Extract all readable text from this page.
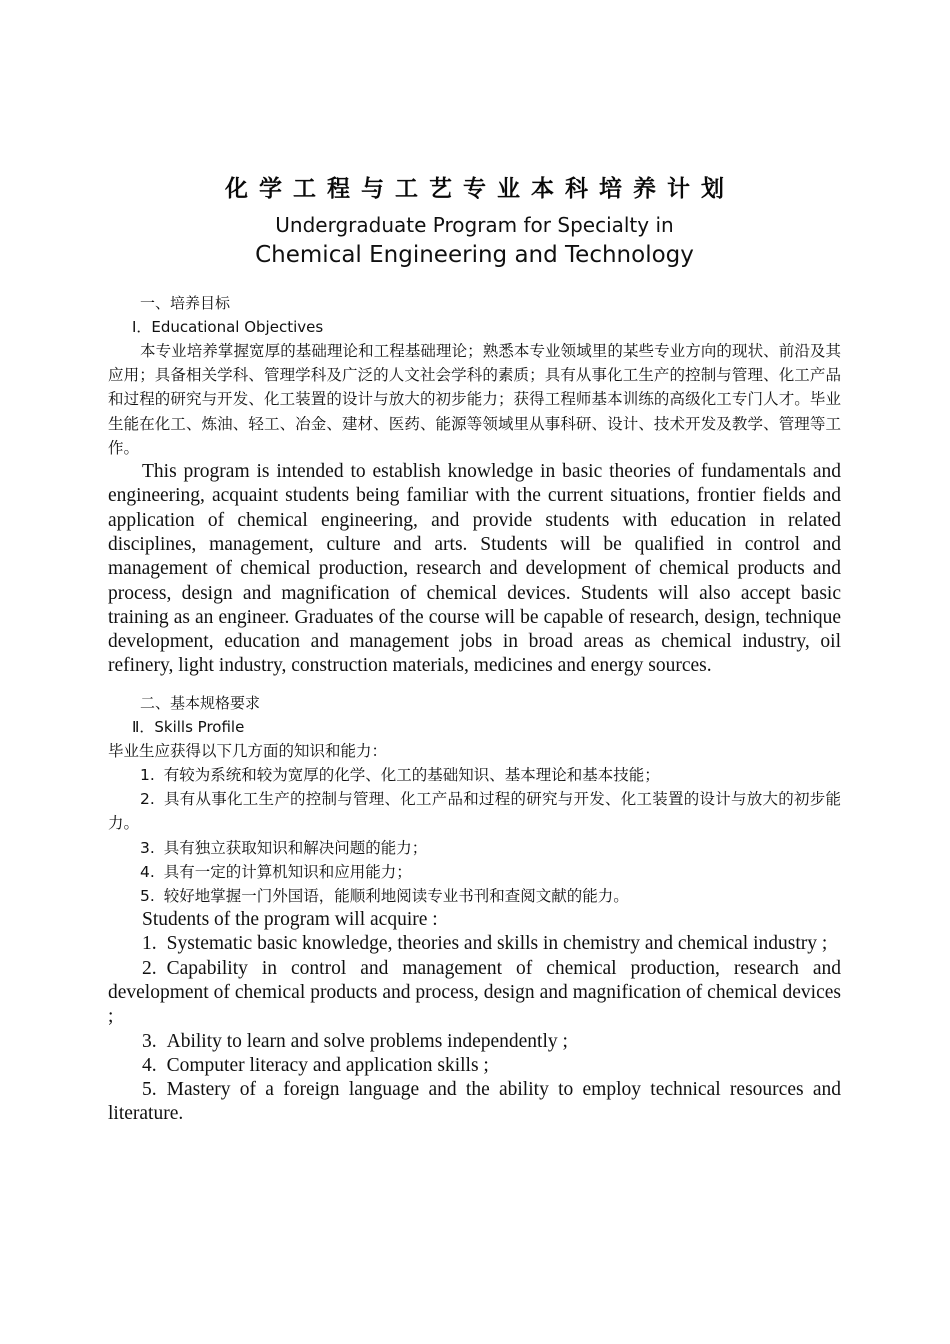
化学工程与工艺专业本科培养计划
Undergraduate Program for Specialty in
Chemical Engineering and Technology
一、培养目标
Ⅰ．Educational Objectives
本专业培养掌握宽厚的基础理论和工程基础理论；熟悉本专业领域里的某些专业方向的现状、前沿及其应用；具备相关学科、管理学科及广泛的人文社会学科的素质；具有从事化工生产的控制与管理、化工产品和过程的研究与开发、化工装置的设计与放大的初步能力；获得工程师基本训练的高级化工专门人才。毕业生能在化工、炼油、轻工、冶金、建材、医药、能源等领域里从事科研、设计、技术开发及教学、管理等工作。

This program is intended to establish knowledge in basic theories of fundamentals and engineering, acquaint students being familiar with the current situations, frontier fields and application of chemical engineering, and provide students with education in related disciplines, management, culture and arts. Students will be qualified in control and management of chemical production, research and development of chemical products and process, design and magnification of chemical devices. Students will also accept basic training as an engineer. Graduates of the course will be capable of research, design, technique development, education and management jobs in broad areas as chemical industry, oil refinery, light industry, construction materials, medicines and energy sources.

二、基本规格要求
Ⅱ．Skills Profile
毕业生应获得以下几方面的知识和能力：
1. 有较为系统和较为宽厚的化学、化工的基础知识、基本理论和基本技能；
2. 具有从事化工生产的控制与管理、化工产品和过程的研究与开发、化工装置的设计与放大的初步能力。
3. 具有独立获取知识和解决问题的能力；
4. 具有一定的计算机知识和应用能力；
5. 较好地掌握一门外国语，能顺利地阅读专业书刊和查阅文献的能力。

Students of the program will acquire :

1. Systematic basic knowledge, theories and skills in chemistry and chemical industry ;

2. Capability in control and management of chemical production, research and development of chemical products and process, design and magnification of chemical devices ;

3. Ability to learn and solve problems independently ;

4. Computer literacy and application skills ;

5. Mastery of a foreign language and the ability to employ technical resources and literature.
